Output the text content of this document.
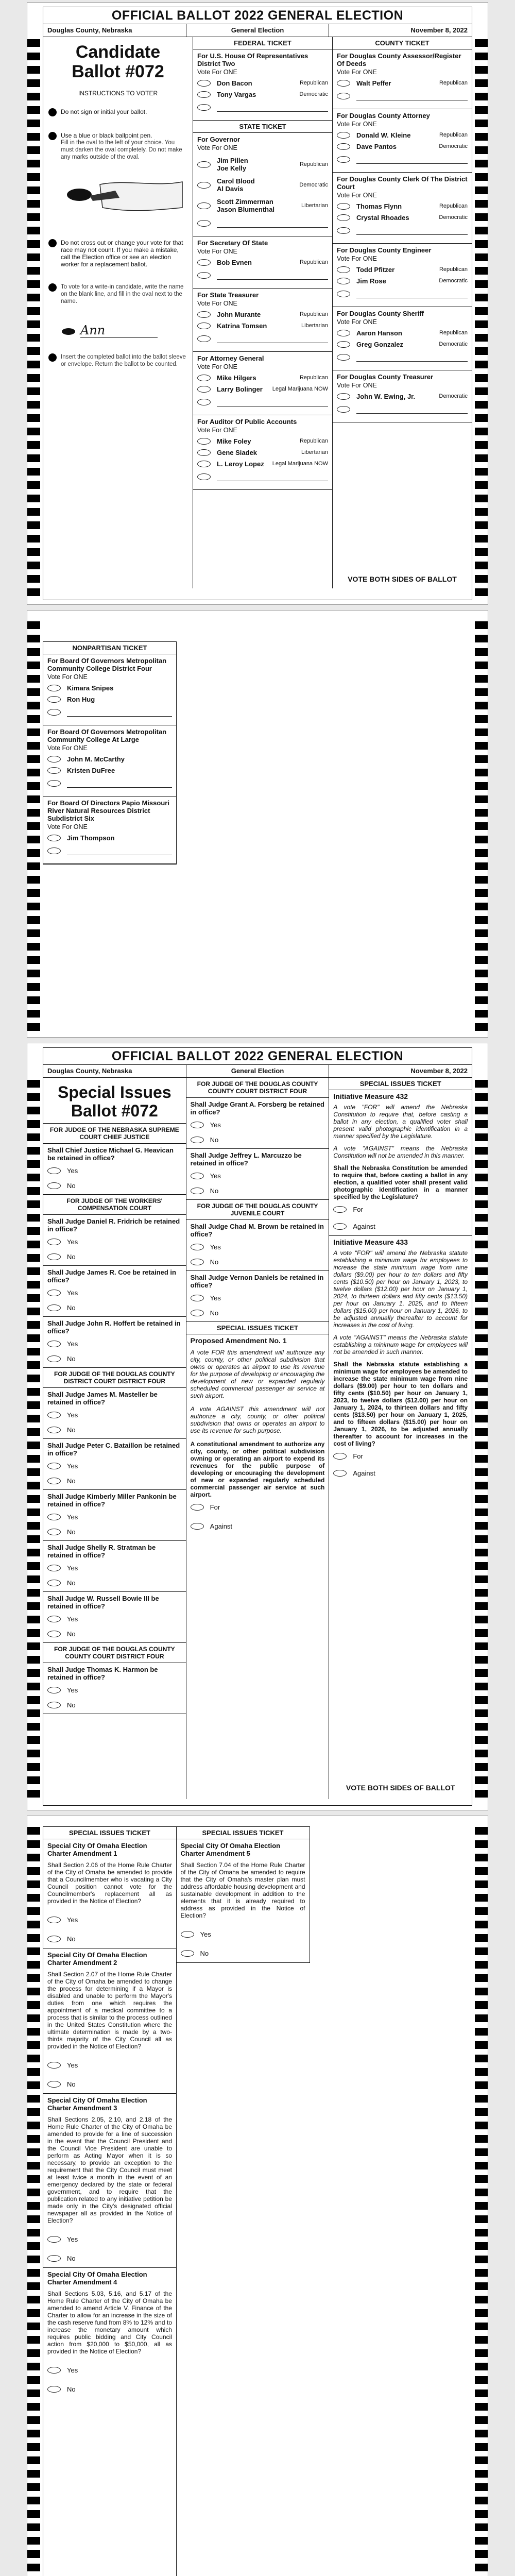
OFFICIAL BALLOT 2022 GENERAL ELECTION
Douglas County, Nebraska	General Election	November 8, 2022
Candidate
Ballot #072
INSTRUCTIONS TO VOTER
Do not sign or initial your ballot.
Use a blue or black ballpoint pen.
Fill in the oval to the left of your choice. You must darken the oval completely. Do not make any marks outside of the oval.
Do not cross out or change your vote for that race may not count. If you make a mistake, call the Election office or see an election worker for a replacement ballot.
To vote for a write-in candidate, write the name on the blank line, and fill in the oval next to the name.
Ann
Insert the completed ballot into the ballot sleeve or envelope. Return the ballot to be counted.
FEDERAL TICKET
For U.S. House Of Representatives District Two
Vote For ONE
Don Bacon	Republican
Tony Vargas	Democratic
STATE TICKET
For Governor
Vote For ONE
Jim Pillen
Joe Kelly
Republican
Carol Blood
Al Davis
Democratic
Scott Zimmerman
Jason Blumenthal
Libertarian
For Secretary Of State
Vote For ONE
Bob Evnen	Republican
For State Treasurer
Vote For ONE
John Murante	Republican
Katrina Tomsen	Libertarian
For Attorney General
Vote For ONE
Mike Hilgers	Republican
Larry Bolinger	Legal Marijuana NOW
For Auditor Of Public Accounts
Vote For ONE
Mike Foley	Republican
Gene Siadek	Libertarian
L. Leroy Lopez	Legal Marijuana NOW
COUNTY TICKET
For Douglas County Assessor/Register Of Deeds
Vote For ONE
Walt Peffer	Republican
For Douglas County Attorney
Vote For ONE
Donald W. Kleine	Republican
Dave Pantos	Democratic
For Douglas County Clerk Of The District Court
Vote For ONE
Thomas Flynn	Republican
Crystal Rhoades	Democratic
For Douglas County Engineer
Vote For ONE
Todd Pfitzer	Republican
Jim Rose	Democratic
For Douglas County Sheriff
Vote For ONE
Aaron Hanson	Republican
Greg Gonzalez	Democratic
For Douglas County Treasurer
Vote For ONE
John W. Ewing, Jr.	Democratic
VOTE BOTH SIDES OF BALLOT
NONPARTISAN TICKET
For Board Of Governors Metropolitan Community College District Four
Vote For ONE
Kimara Snipes
Ron Hug
For Board Of Governors Metropolitan Community College At Large
Vote For ONE
John M. McCarthy
Kristen DuFree
For Board Of Directors Papio Missouri River Natural Resources District Subdistrict Six
Vote For ONE
Jim Thompson
OFFICIAL BALLOT 2022 GENERAL ELECTION
Douglas County, Nebraska	General Election	November 8, 2022
Special Issues
Ballot #072
FOR JUDGE OF THE NEBRASKA SUPREME COURT CHIEF JUSTICE
Shall Chief Justice Michael G. Heavican be retained in office?
Yes
No
FOR JUDGE OF THE WORKERS' COMPENSATION COURT
Shall Judge Daniel R. Fridrich be retained in office?
Yes
No
Shall Judge James R. Coe be retained in office?
Yes
No
Shall Judge John R. Hoffert be retained in office?
Yes
No
FOR JUDGE OF THE DOUGLAS COUNTY DISTRICT COURT DISTRICT FOUR
Shall Judge James M. Masteller be retained in office?
Yes
No
Shall Judge Peter C. Bataillon be retained in office?
Yes
No
Shall Judge Kimberly Miller Pankonin be retained in office?
Yes
No
Shall Judge Shelly R. Stratman be retained in office?
Yes
No
Shall Judge W. Russell Bowie III be retained in office?
Yes
No
FOR JUDGE OF THE DOUGLAS COUNTY COUNTY COURT DISTRICT FOUR
Shall Judge Thomas K. Harmon be retained in office?
Yes
No
FOR JUDGE OF THE DOUGLAS COUNTY COUNTY COURT DISTRICT FOUR
Shall Judge Grant A. Forsberg be retained in office?
Yes
No
Shall Judge Jeffrey L. Marcuzzo be retained in office?
Yes
No
FOR JUDGE OF THE DOUGLAS COUNTY JUVENILE COURT
Shall Judge Chad M. Brown be retained in office?
Yes
No
Shall Judge Vernon Daniels be retained in office?
Yes
No
SPECIAL ISSUES TICKET
Proposed Amendment No. 1
A vote FOR this amendment will authorize any city, county, or other political subdivision that owns or operates an airport to use its revenue for the purpose of developing or encouraging the development of new or expanded regularly scheduled commercial passenger air service at such airport.
A vote AGAINST this amendment will not authorize a city, county, or other political subdivision that owns or operates an airport to use its revenue for such purpose.
A constitutional amendment to authorize any city, county, or other political subdivision owning or operating an airport to expend its revenues for the public purpose of developing or encouraging the development of new or expanded regularly scheduled commercial passenger air service at such airport.
For
Against
SPECIAL ISSUES TICKET
Initiative Measure 432
A vote "FOR" will amend the Nebraska Constitution to require that, before casting a ballot in any election, a qualified voter shall present valid photographic identification in a manner specified by the Legislature.
A vote "AGAINST" means the Nebraska Constitution will not be amended in this manner.
Shall the Nebraska Constitution be amended to require that, before casting a ballot in any election, a qualified voter shall present valid photographic identification in a manner specified by the Legislature?
For
Against
Initiative Measure 433
A vote "FOR" will amend the Nebraska statute establishing a minimum wage for employees to increase the state minimum wage from nine dollars ($9.00) per hour to ten dollars and fifty cents ($10.50) per hour on January 1, 2023, to twelve dollars ($12.00) per hour on January 1, 2024, to thirteen dollars and fifty cents ($13.50) per hour on January 1, 2025, and to fifteen dollars ($15.00) per hour on January 1, 2026, to be adjusted annually thereafter to account for increases in the cost of living.
A vote "AGAINST" means the Nebraska statute establishing a minimum wage for employees will not be amended in such manner.
Shall the Nebraska statute establishing a minimum wage for employees be amended to increase the state minimum wage from nine dollars ($9.00) per hour to ten dollars and fifty cents ($10.50) per hour on January 1, 2023, to twelve dollars ($12.00) per hour on January 1, 2024, to thirteen dollars and fifty cents ($13.50) per hour on January 1, 2025, and to fifteen dollars ($15.00) per hour on January 1, 2026, to be adjusted annually thereafter to account for increases in the cost of living?
For
Against
VOTE BOTH SIDES OF BALLOT
SPECIAL ISSUES TICKET
Special City Of Omaha Election Charter Amendment 1
Shall Section 2.06 of the Home Rule Charter of the City of Omaha be amended to provide that a Councilmember who is vacating a City Council position cannot vote for the Councilmember's replacement all as provided in the Notice of Election?
Yes
No
Special City Of Omaha Election Charter Amendment 2
Shall Section 2.07 of the Home Rule Charter of the City of Omaha be amended to change the process for determining if a Mayor is disabled and unable to perform the Mayor's duties from one which requires the appointment of a medical committee to a process that is similar to the process outlined in the United States Constitution where the ultimate determination is made by a two-thirds majority of the City Council all as provided in the Notice of Election?
Yes
No
Special City Of Omaha Election Charter Amendment 3
Shall Sections 2.05, 2.10, and 2.18 of the Home Rule Charter of the City of Omaha be amended to provide for a line of succession in the event that the Council President and the Council Vice President are unable to perform as Acting Mayor when it is so necessary, to provide an exception to the requirement that the City Council must meet at least twice a month in the event of an emergency declared by the state or federal government, and to require that the publication related to any initiative petition be made only in the City's designated official newspaper all as provided in the Notice of Election?
Yes
No
Special City Of Omaha Election Charter Amendment 4
Shall Sections 5.03, 5.16, and 5.17 of the Home Rule Charter of the City of Omaha be amended to amend Article V. Finance of the Charter to allow for an increase in the size of the cash reserve fund from 8% to 12% and to increase the monetary amount which requires public bidding and City Council action from $20,000 to $50,000, all as provided in the Notice of Election?
Yes
No
SPECIAL ISSUES TICKET
Special City Of Omaha Election Charter Amendment 5
Shall Section 7.04 of the Home Rule Charter of the City of Omaha be amended to require that the City of Omaha's master plan must address affordable housing development and sustainable development in addition to the elements that it is already required to address as provided in the Notice of Election?
Yes
No
